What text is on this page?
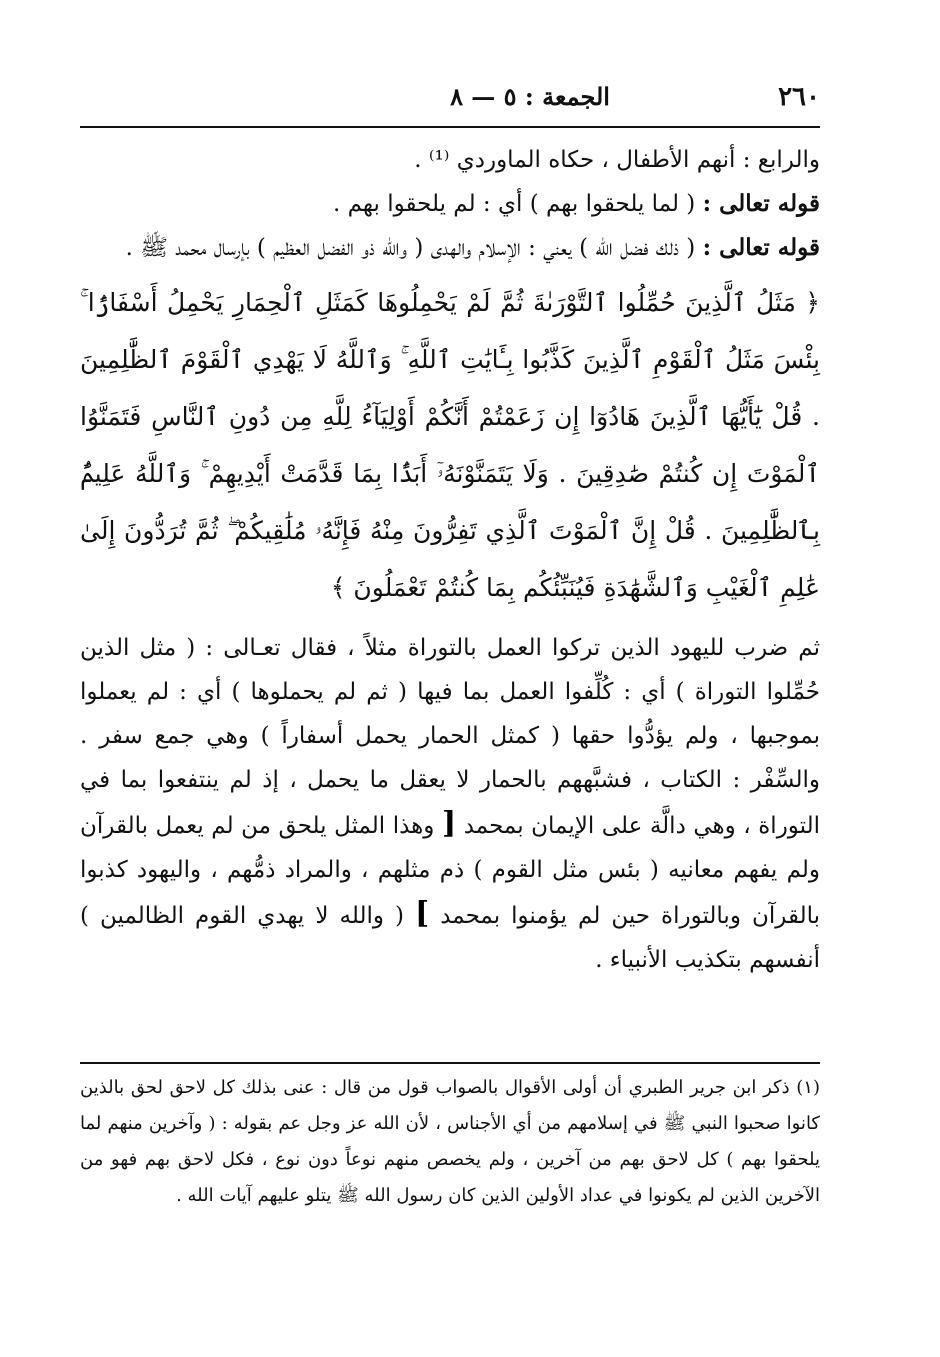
٢٦٠
الجمعة : ٥ — ٨

والرابع : أنهم الأطفال ، حكاه الماوردي ⁽¹⁾ .

قوله تعالى : ( لما يلحقوا بهم ) أي : لم يلحقوا بهم .

قوله تعالى : ( ذلك فضل الله ) يعني : الإسلام والهدى ( والله ذو الفضل العظيم ) بإرسال محمد ﷺ .

﴿ مَثَلُ ٱلَّذِينَ حُمِّلُوا ٱلتَّوْرَىٰةَ ثُمَّ لَمْ يَحْمِلُوهَا كَمَثَلِ ٱلْحِمَارِ يَحْمِلُ أَسْفَارًۢا ۚ بِئْسَ مَثَلُ ٱلْقَوْمِ ٱلَّذِينَ كَذَّبُوا بِـَٔايَٰتِ ٱللَّهِ ۚ وَٱللَّهُ لَا يَهْدِي ٱلْقَوْمَ ٱلظَّٰلِمِينَ . قُلْ يَٰٓأَيُّهَا ٱلَّذِينَ هَادُوٓا إِن زَعَمْتُمْ أَنَّكُمْ أَوْلِيَآءُ لِلَّهِ مِن دُونِ ٱلنَّاسِ فَتَمَنَّوُا ٱلْمَوْتَ إِن كُنتُمْ صَٰدِقِينَ . وَلَا يَتَمَنَّوْنَهُۥٓ أَبَدًۢا بِمَا قَدَّمَتْ أَيْدِيهِمْ ۚ وَٱللَّهُ عَلِيمٌۢ بِٱلظَّٰلِمِينَ . قُلْ إِنَّ ٱلْمَوْتَ ٱلَّذِي تَفِرُّونَ مِنْهُ فَإِنَّهُۥ مُلَٰقِيكُمْ ۖ ثُمَّ تُرَدُّونَ إِلَىٰ عَٰلِمِ ٱلْغَيْبِ وَٱلشَّهَٰدَةِ فَيُنَبِّئُكُم بِمَا كُنتُمْ تَعْمَلُونَ ﴾

ثم ضرب لليهود الذين تركوا العمل بالتوراة مثلاً ، فقال تعـالى : ( مثل الذين حُمِّلوا التوراة ) أي : كُلِّفوا العمل بما فيها ( ثم لم يحملوها ) أي : لم يعملوا بموجبها ، ولم يؤدُّوا حقها ( كمثل الحمار يحمل أسفاراً ) وهي جمع سفر . والسِّفْر : الكتاب ، فشبَّههم بالحمار لا يعقل ما يحمل ، إذ لم ينتفعوا بما في التوراة ، وهي دالَّة على الإيمان بمحمد [ وهذا المثل يلحق من لم يعمل بالقرآن ولم يفهم معانيه ( بئس مثل القوم ) ذم مثلهم ، والمراد ذمُّهم ، واليهود كذبوا بالقرآن وبالتوراة حين لم يؤمنوا بمحمد ] ( والله لا يهدي القوم الظالمين ) أنفسهم بتكذيب الأنبياء .

(١) ذكر ابن جرير الطبري أن أولى الأقوال بالصواب قول من قال : عنى بذلك كل لاحق لحق بالذين كانوا صحبوا النبي ﷺ في إسلامهم من أي الأجناس ، لأن الله عز وجل عم بقوله : ( وآخرين منهم لما يلحقوا بهم ) كل لاحق بهم من آخرين ، ولم يخصص منهم نوعاً دون نوع ، فكل لاحق بهم فهو من الآخرين الذين لم يكونوا في عداد الأولين الذين كان رسول الله ﷺ يتلو عليهم آيات الله .
